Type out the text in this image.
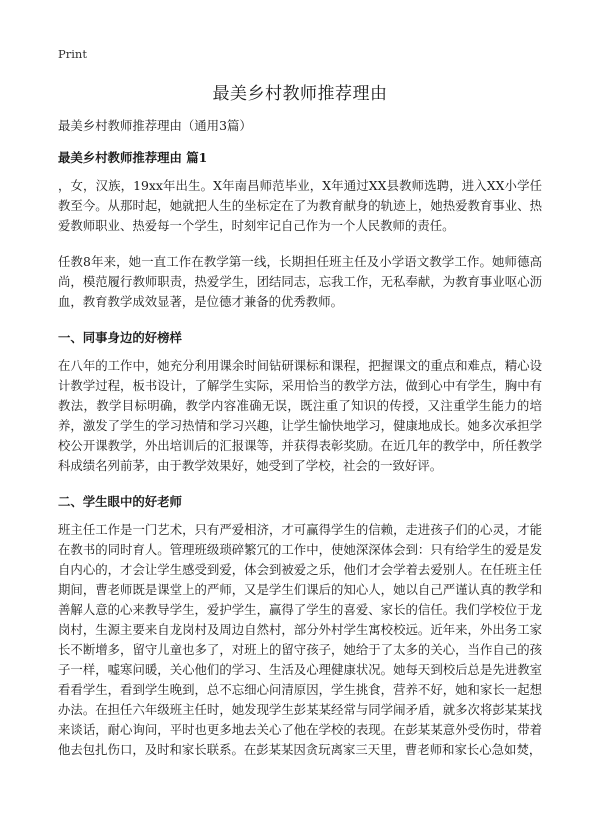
Print
最美乡村教师推荐理由

最美乡村教师推荐理由（通用3篇）

最美乡村教师推荐理由 篇1

，女，汉族，19xx年出生。X年南昌师范毕业，X年通过XX县教师选聘，进入XX小学任教至今。从那时起，她就把人生的坐标定在了为教育献身的轨迹上，她热爱教育事业、热爱教师职业、热爱每一个学生，时刻牢记自己作为一个人民教师的责任。

任教8年来，她一直工作在教学第一线，长期担任班主任及小学语文教学工作。她师德高尚，模范履行教师职责，热爱学生，团结同志，忘我工作，无私奉献，为教育事业呕心沥血，教育教学成效显著，是位德才兼备的优秀教师。

一、同事身边的好榜样

在八年的工作中，她充分利用课余时间钻研课标和课程，把握课文的重点和难点，精心设计教学过程，板书设计，了解学生实际，采用恰当的教学方法，做到心中有学生，胸中有教法，教学目标明确，教学内容准确无误，既注重了知识的传授，又注重学生能力的培养，激发了学生的学习热情和学习兴趣，让学生愉快地学习，健康地成长。她多次承担学校公开课教学，外出培训后的汇报课等，并获得表彰奖励。在近几年的教学中，所任教学科成绩名列前茅，由于教学效果好，她受到了学校，社会的一致好评。

二、学生眼中的好老师

班主任工作是一门艺术，只有严爱相济，才可赢得学生的信赖，走进孩子们的心灵，才能在教书的同时育人。管理班级琐碎繁冗的工作中，使她深深体会到：只有给学生的爱是发自内心的，才会让学生感受到爱，体会到被爱之乐，他们才会学着去爱别人。在任班主任期间，曹老师既是课堂上的严师，又是学生们课后的知心人，她以自己严谨认真的教学和善解人意的心来教导学生，爱护学生，赢得了学生的喜爱、家长的信任。我们学校位于龙岗村，生源主要来自龙岗村及周边自然村，部分外村学生寓校校远。近年来，外出务工家长不断增多，留守儿童也多了，对班上的留守孩子，她给于了太多的关心，当作自己的孩子一样，嘘寒问暖，关心他们的学习、生活及心理健康状况。她每天到校后总是先进教室看看学生，看到学生晚到，总不忘细心问清原因，学生挑食，营养不好，她和家长一起想办法。在担任六年级班主任时，她发现学生彭某某经常与同学闹矛盾，就多次将彭某某找来谈话，耐心询问，平时也更多地去关心了他在学校的表现。在彭某某意外受伤时，带着他去包扎伤口，及时和家长联系。在彭某某因贪玩离家三天里，曹老师和家长心急如焚，
